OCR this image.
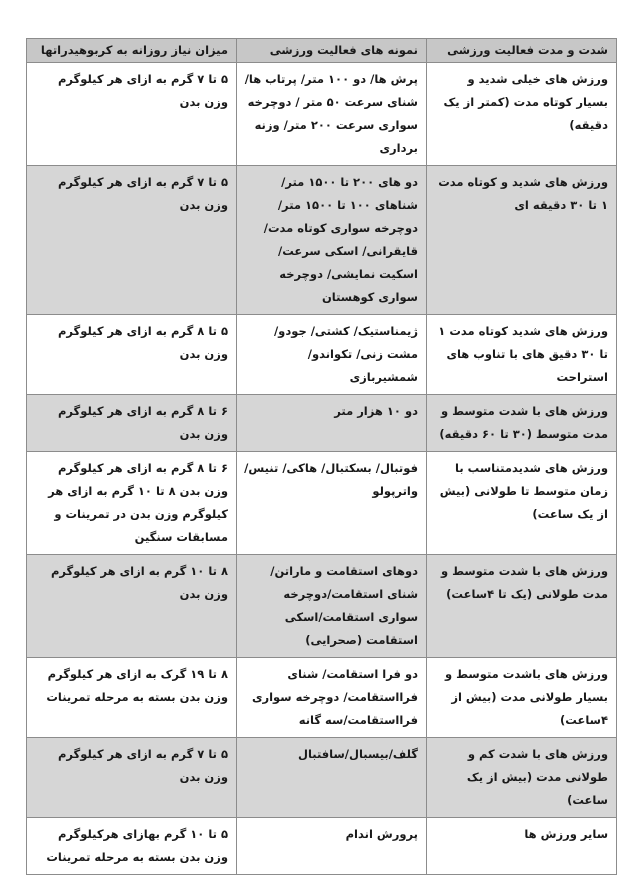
شدت و مدت فعالیت ورزشی	نمونه های فعالیت ورزشی	میزان نیاز روزانه به کربوهیدراتها
ورزش های خیلی شدید و بسیار کوتاه مدت (کمتر از یک دقیقه)	پرش ها/ دو ۱۰۰ متر/ پرتاب ها/ شنای سرعت ۵۰ متر / دوچرخه سواری سرعت ۲۰۰ متر/ وزنه برداری	۵ تا ۷ گرم به ازای هر کیلوگرم وزن بدن
ورزش های شدید و کوتاه مدت ۱ تا ۳۰ دقیقه ای	دو های ۲۰۰ تا ۱۵۰۰ متر/ شناهای ۱۰۰ تا ۱۵۰۰ متر/ دوچرخه سواری کوتاه مدت/ قایقرانی/ اسکی سرعت/ اسکیت نمایشی/ دوچرخه سواری کوهستان	۵ تا ۷ گرم به ازای هر کیلوگرم وزن بدن
ورزش های شدید کوتاه مدت ۱ تا ۳۰ دقیق های با تناوب های استراحت	ژیمناستیک/ کشتی/ جودو/ مشت زنی/ تکواندو/ شمشیربازی	۵ تا ۸ گرم به ازای هر کیلوگرم وزن بدن
ورزش های با شدت متوسط و مدت متوسط (۳۰ تا ۶۰ دقیقه)	دو ۱۰ هزار متر	۶ تا ۸ گرم به ازای هر کیلوگرم وزن بدن
ورزش های شدیدمتناسب با زمان متوسط تا طولانی (بیش از یک ساعت)	فوتبال/ بسکتبال/ هاکی/ تنیس/ واترپولو	۶ تا ۸ گرم به ازای هر کیلوگرم وزن بدن ۸ تا ۱۰ گرم به ازای هر کیلوگرم وزن بدن در تمرینات و مسابقات سنگین
ورزش های با شدت متوسط و مدت طولانی (یک تا ۴ساعت)	دوهای استقامت و ماراتن/شنای استقامت/دوچرخه سواری استقامت/اسکی استقامت (صحرایی)	۸ تا ۱۰ گرم به ازای هر کیلوگرم وزن بدن
ورزش های باشدت متوسط و بسیار طولانی مدت (بیش از ۴ساعت)	دو فرا استقامت/ شنای فرااستقامت/ دوچرخه سواری فرااستقامت/سه گانه	۸ تا ۱۹ گرک به ازای هر کیلوگرم وزن بدن بسته به مرحله تمرینات
ورزش های با شدت کم و طولانی مدت (بیش از یک ساعت)	گلف/بیسبال/سافتبال	۵ تا ۷ گرم به ازای هر کیلوگرم وزن بدن
سایر ورزش ها	پرورش اندام	۵ تا ۱۰ گرم بهازای هرکیلوگرم وزن بدن بسته به مرحله تمرینات
